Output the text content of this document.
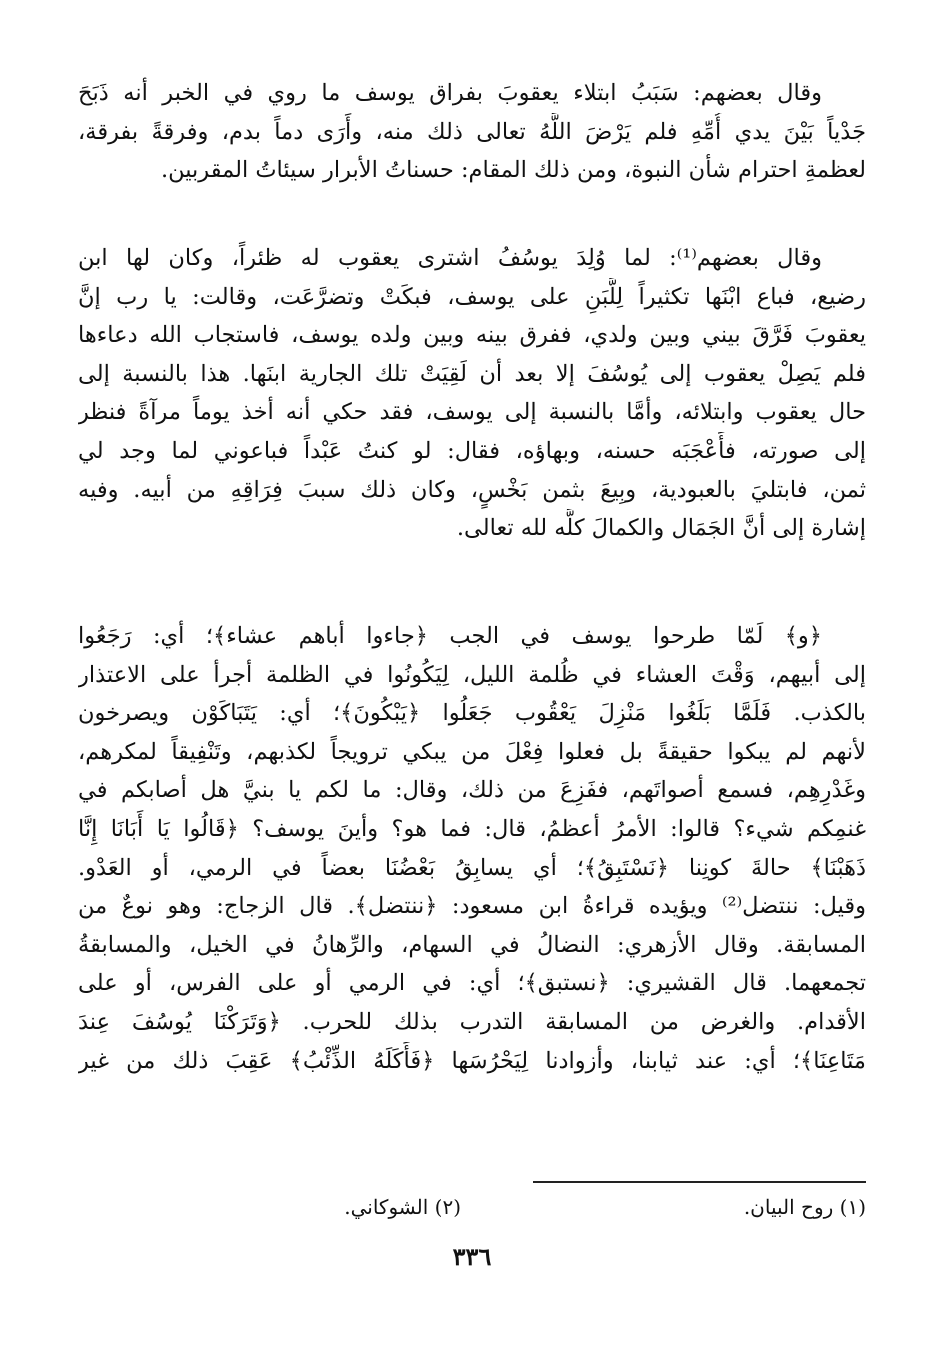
وقال بعضهم: سَبَبُ ابتلاء يعقوبَ بفراق يوسف ما روي في الخبر أنه ذَبَحَ
جَدْياً بَيْنَ يدي أُمِّهِ فلم يَرْضَ اللَّهُ تعالى ذلك منه، وأَرَى دماً بدم، وفرقةً بفرقة،
لعظمةِ احترام شأن النبوة، ومن ذلك المقام: حسناتُ الأبرار سيئاتُ المقربين.
وقال بعضهم⁽¹⁾: لما وُلِدَ يوسُفُ اشترى يعقوب له ظئراً، وكان لها ابن
رضيع، فباع ابْنَها تكثيراً لِلَّبَنِ على يوسف، فبكَتْ وتضرَّعَت، وقالت: يا رب إنَّ
يعقوبَ فَرَّقَ بيني وبين ولدي، ففرق بينه وبين ولده يوسف، فاستجاب الله دعاءها
فلم يَصِلْ يعقوب إلى يُوسُفَ إلا بعد أن لَقِيَتْ تلك الجارية ابنَها. هذا بالنسبة إلى
حال يعقوب وابتلائه، وأمَّا بالنسبة إلى يوسف، فقد حكي أنه أخذ يوماً مرآةً فنظر
إلى صورته، فأَعْجَبَه حسنه، وبهاؤه، فقال: لو كنتُ عَبْداً فباعوني لما وجد لي
ثمن، فابتليَ بالعبودية، وبِيعَ بثمن بَخْسٍ، وكان ذلك سببَ فِرَاقِهِ من أبيه. وفيه
إشارة إلى أنَّ الجَمَال والكمالَ كلَّه لله تعالى.
﴿و﴾ لَمّا طرحوا يوسف في الجب ﴿جاءوا أباهم عشاء﴾؛ أي: رَجَعُوا
إلى أبيهم، وَقْتَ العشاء في ظُلمة الليل، لِيَكُونُوا في الظلمة أجرأ على الاعتذار
بالكذب. فَلَمَّا بَلَغُوا مَنْزِلَ يَعْقُوب جَعَلُوا ﴿يَبْكُونَ﴾؛ أي: يَتَبَاكَوْن ويصرخون
لأنهم لم يبكوا حقيقةً بل فعلوا فِعْلَ من يبكي ترويجاً لكذبهم، وتَنْفِيقاً لمكرهم،
وغَدْرِهِم، فسمع أصواتَهم، ففَزِعَ من ذلك، وقال: ما لكم يا بنيَّ هل أصابكم في
غنمِكم شيء؟ قالوا: الأمرُ أعظمُ، قال: فما هو؟ وأينَ يوسف؟ ﴿قَالُوا يَا أَبَانَا إِنَّا
ذَهَبْنَا﴾ حالةَ كونِنا ﴿نَسْتَبِقُ﴾؛ أي يسابِقُ بَعْضُنَا بعضاً في الرمي، أو العَدْو.
وقيل: ننتضل⁽²⁾ ويؤيده قراءةُ ابن مسعود: ﴿ننتضل﴾. قال الزجاج: وهو نوعٌ من
المسابقة. وقال الأزهري: النضالُ في السهام، والرِّهانُ في الخيل، والمسابقةُ
تجمعهما. قال القشيري: ﴿نستبق﴾؛ أي: في الرمي أو على الفرس، أو على
الأقدام. والغرض من المسابقة التدرب بذلك للحرب. ﴿وَتَرَكْنَا يُوسُفَ عِندَ
مَتَاعِنَا﴾؛ أي: عند ثيابنا، وأزوادنا لِيَحْرُسَها ﴿فَأَكَلَهُ الذِّئْبُ﴾ عَقِبَ ذلك من غير
(١) روح البيان.
(٢) الشوكاني.
٣٣٦
